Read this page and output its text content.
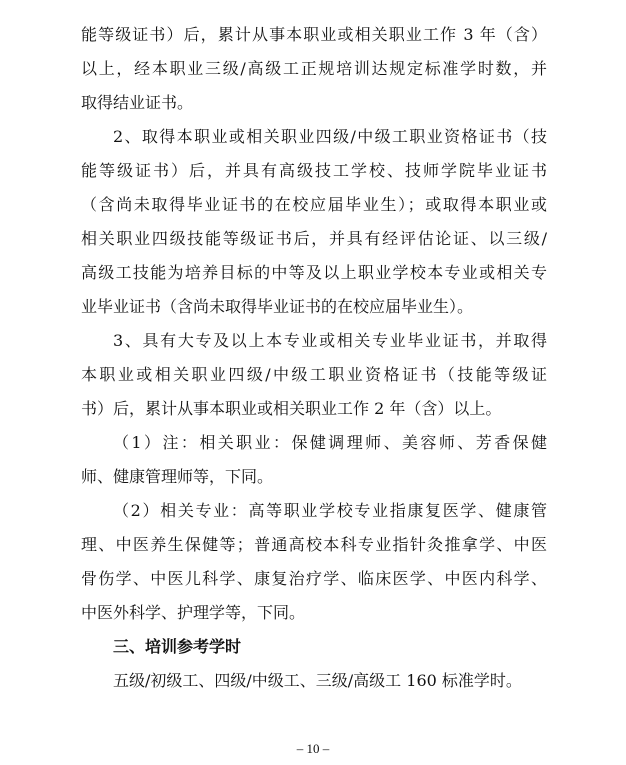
能等级证书）后，累计从事本职业或相关职业工作 3 年（含）
以上，经本职业三级/高级工正规培训达规定标准学时数，并
取得结业证书。
2、取得本职业或相关职业四级/中级工职业资格证书（技
能等级证书）后，并具有高级技工学校、技师学院毕业证书
（含尚未取得毕业证书的在校应届毕业生）；或取得本职业或
相关职业四级技能等级证书后，并具有经评估论证、以三级/
高级工技能为培养目标的中等及以上职业学校本专业或相关专
业毕业证书（含尚未取得毕业证书的在校应届毕业生）。
3、具有大专及以上本专业或相关专业毕业证书，并取得
本职业或相关职业四级/中级工职业资格证书（技能等级证
书）后，累计从事本职业或相关职业工作 2 年（含）以上。
（1）注：相关职业：保健调理师、美容师、芳香保健
师、健康管理师等，下同。
（2）相关专业：高等职业学校专业指康复医学、健康管
理、中医养生保健等；普通高校本科专业指针灸推拿学、中医
骨伤学、中医儿科学、康复治疗学、临床医学、中医内科学、
中医外科学、护理学等，下同。
三、培训参考学时
五级/初级工、四级/中级工、三级/高级工 160 标准学时。
– 10 –
